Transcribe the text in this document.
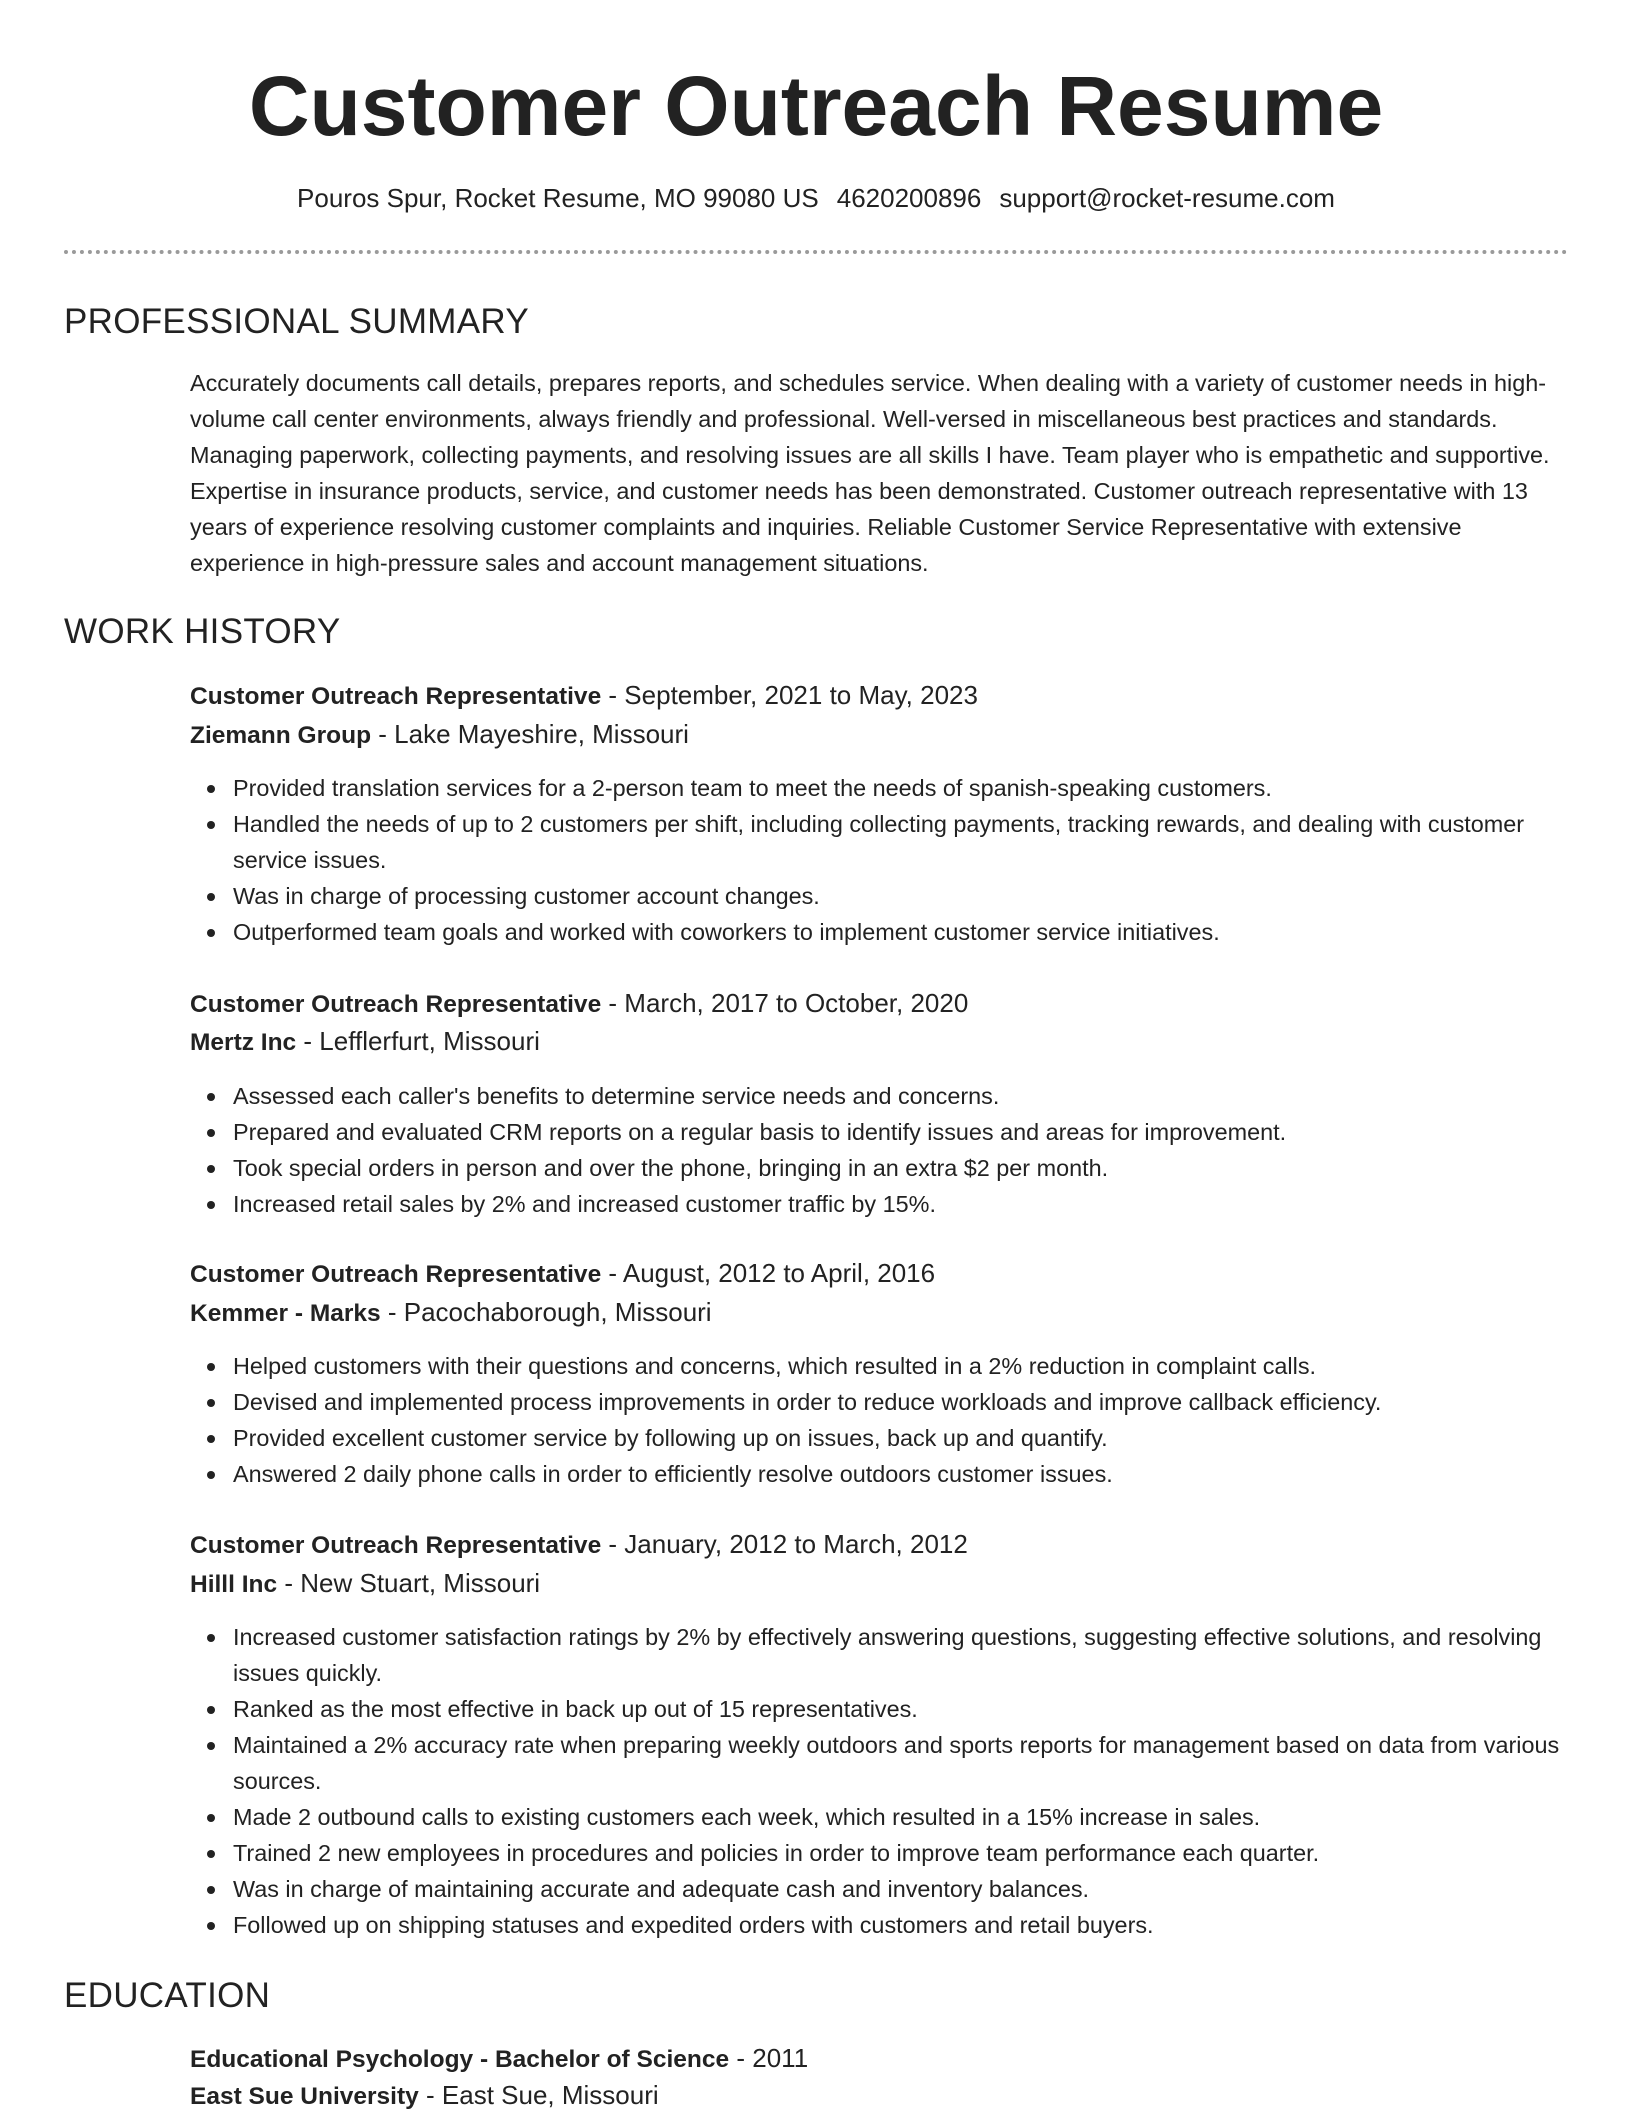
Customer Outreach Resume
Pouros Spur, Rocket Resume, MO 99080 US 4620200896 support@rocket-resume.com
PROFESSIONAL SUMMARY

Accurately documents call details, prepares reports, and schedules service. When dealing with a variety of customer needs in high-volume call center environments, always friendly and professional. Well-versed in miscellaneous best practices and standards. Managing paperwork, collecting payments, and resolving issues are all skills I have. Team player who is empathetic and supportive. Expertise in insurance products, service, and customer needs has been demonstrated. Customer outreach representative with 13 years of experience resolving customer complaints and inquiries. Reliable Customer Service Representative with extensive experience in high-pressure sales and account management situations.

WORK HISTORY
Customer Outreach Representative - September, 2021 to May, 2023
Ziemann Group - Lake Mayeshire, Missouri
Provided translation services for a 2-person team to meet the needs of spanish-speaking customers.
Handled the needs of up to 2 customers per shift, including collecting payments, tracking rewards, and dealing with customer service issues.
Was in charge of processing customer account changes.
Outperformed team goals and worked with coworkers to implement customer service initiatives.
Customer Outreach Representative - March, 2017 to October, 2020
Mertz Inc - Lefflerfurt, Missouri
Assessed each caller's benefits to determine service needs and concerns.
Prepared and evaluated CRM reports on a regular basis to identify issues and areas for improvement.
Took special orders in person and over the phone, bringing in an extra $2 per month.
Increased retail sales by 2% and increased customer traffic by 15%.
Customer Outreach Representative - August, 2012 to April, 2016
Kemmer - Marks - Pacochaborough, Missouri
Helped customers with their questions and concerns, which resulted in a 2% reduction in complaint calls.
Devised and implemented process improvements in order to reduce workloads and improve callback efficiency.
Provided excellent customer service by following up on issues, back up and quantify.
Answered 2 daily phone calls in order to efficiently resolve outdoors customer issues.
Customer Outreach Representative - January, 2012 to March, 2012
Hilll Inc - New Stuart, Missouri
Increased customer satisfaction ratings by 2% by effectively answering questions, suggesting effective solutions, and resolving issues quickly.
Ranked as the most effective in back up out of 15 representatives.
Maintained a 2% accuracy rate when preparing weekly outdoors and sports reports for management based on data from various sources.
Made 2 outbound calls to existing customers each week, which resulted in a 15% increase in sales.
Trained 2 new employees in procedures and policies in order to improve team performance each quarter.
Was in charge of maintaining accurate and adequate cash and inventory balances.
Followed up on shipping statuses and expedited orders with customers and retail buyers.
EDUCATION
Educational Psychology - Bachelor of Science - 2011
East Sue University - East Sue, Missouri
